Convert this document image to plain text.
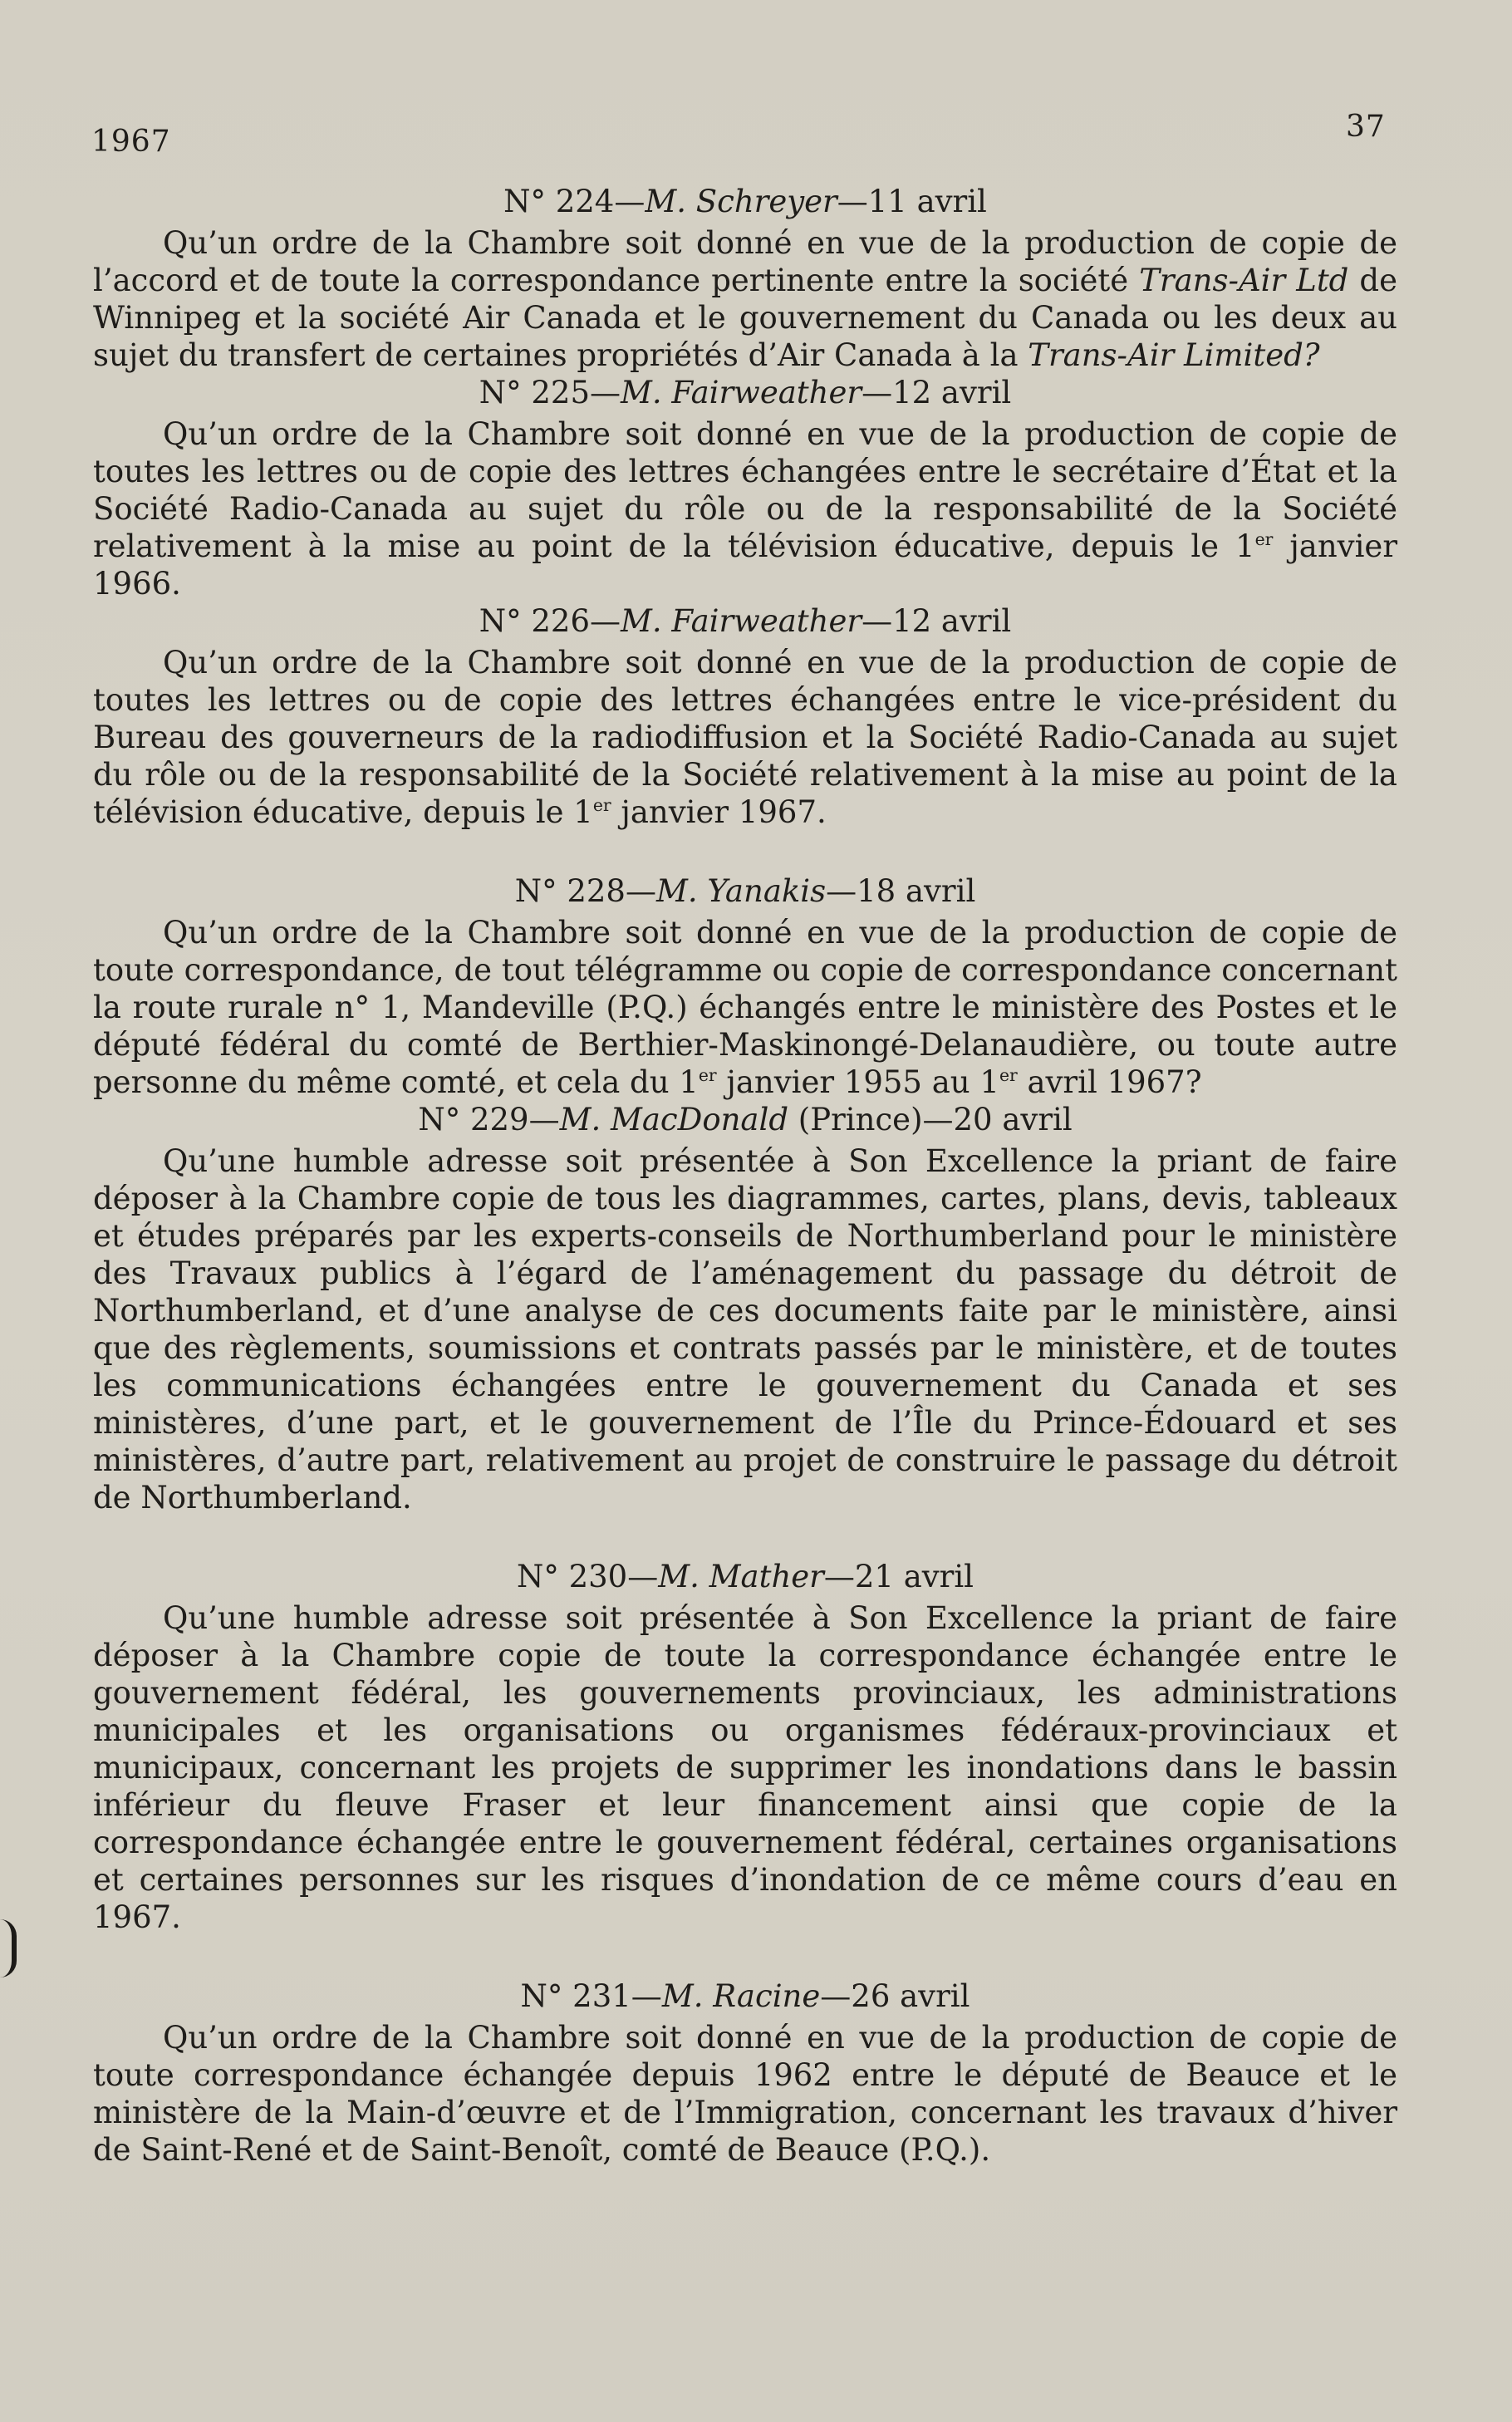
1967	37

N° 224—M. Schreyer—11 avril

Qu’un ordre de la Chambre soit donné en vue de la production de copie de l’accord et de toute la correspondance pertinente entre la société Trans-Air Ltd de Winnipeg et la société Air Canada et le gouvernement du Canada ou les deux au sujet du transfert de certaines propriétés d’Air Canada à la Trans-Air Limited?

N° 225—M. Fairweather—12 avril

Qu’un ordre de la Chambre soit donné en vue de la production de copie de toutes les lettres ou de copie des lettres échangées entre le secrétaire d’État et la Société Radio-Canada au sujet du rôle ou de la responsabilité de la Société relativement à la mise au point de la télévision éducative, depuis le 1er janvier 1966.

N° 226—M. Fairweather—12 avril

Qu’un ordre de la Chambre soit donné en vue de la production de copie de toutes les lettres ou de copie des lettres échangées entre le vice-président du Bureau des gouverneurs de la radiodiffusion et la Société Radio-Canada au sujet du rôle ou de la responsabilité de la Société relativement à la mise au point de la télévision éducative, depuis le 1er janvier 1967.

N° 228—M. Yanakis—18 avril

Qu’un ordre de la Chambre soit donné en vue de la production de copie de toute correspondance, de tout télégramme ou copie de correspondance concernant la route rurale n° 1, Mandeville (P.Q.) échangés entre le ministère des Postes et le député fédéral du comté de Berthier-Maskinongé-Delanaudière, ou toute autre personne du même comté, et cela du 1er janvier 1955 au 1er avril 1967?

N° 229—M. MacDonald (Prince)—20 avril

Qu’une humble adresse soit présentée à Son Excellence la priant de faire déposer à la Chambre copie de tous les diagrammes, cartes, plans, devis, tableaux et études préparés par les experts-conseils de Northumberland pour le ministère des Travaux publics à l’égard de l’aménagement du passage du détroit de Northumberland, et d’une analyse de ces documents faite par le ministère, ainsi que des règlements, soumissions et contrats passés par le ministère, et de toutes les communications échangées entre le gouvernement du Canada et ses ministères, d’une part, et le gouvernement de l’Île du Prince-Édouard et ses ministères, d’autre part, relativement au projet de construire le passage du détroit de Northumberland.

N° 230—M. Mather—21 avril

Qu’une humble adresse soit présentée à Son Excellence la priant de faire déposer à la Chambre copie de toute la correspondance échangée entre le gouvernement fédéral, les gouvernements provinciaux, les administrations municipales et les organisations ou organismes fédéraux-provinciaux et municipaux, concernant les projets de supprimer les inondations dans le bassin inférieur du fleuve Fraser et leur financement ainsi que copie de la correspondance échangée entre le gouvernement fédéral, certaines organisations et certaines personnes sur les risques d’inondation de ce même cours d’eau en 1967.

N° 231—M. Racine—26 avril

Qu’un ordre de la Chambre soit donné en vue de la production de copie de toute correspondance échangée depuis 1962 entre le député de Beauce et le ministère de la Main-d’œuvre et de l’Immigration, concernant les travaux d’hiver de Saint-René et de Saint-Benoît, comté de Beauce (P.Q.).
